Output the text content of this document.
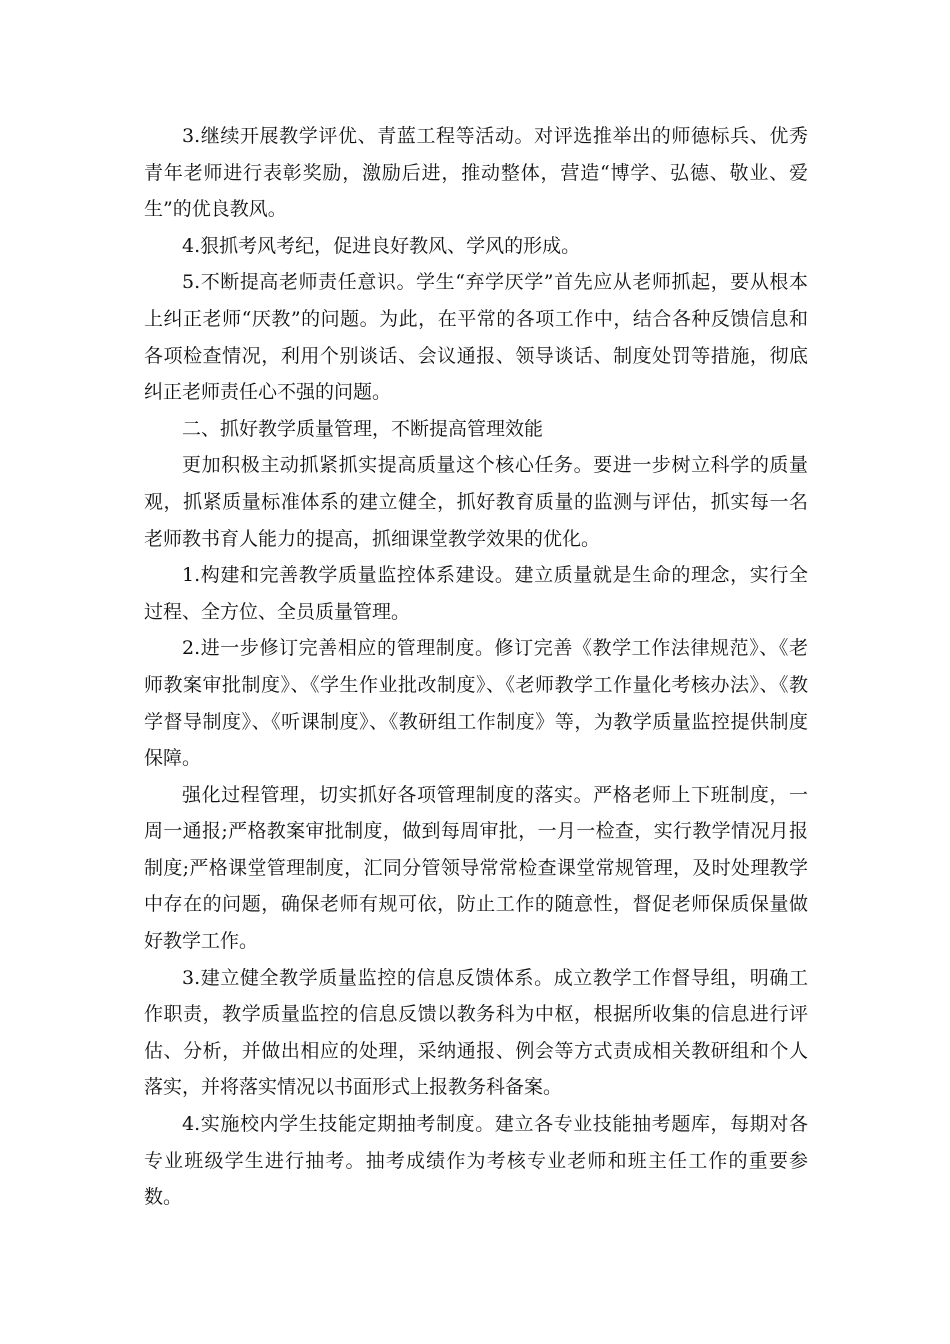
3.继续开展教学评优、青蓝工程等活动。对评选推举出的师德标兵、优秀青年老师进行表彰奖励，激励后进，推动整体，营造“博学、弘德、敬业、爱生”的优良教风。

4.狠抓考风考纪，促进良好教风、学风的形成。

5.不断提高老师责任意识。学生“弃学厌学”首先应从老师抓起，要从根本上纠正老师“厌教”的问题。为此，在平常的各项工作中，结合各种反馈信息和各项检查情况，利用个别谈话、会议通报、领导谈话、制度处罚等措施，彻底纠正老师责任心不强的问题。

二、抓好教学质量管理，不断提高管理效能

更加积极主动抓紧抓实提高质量这个核心任务。要进一步树立科学的质量观，抓紧质量标准体系的建立健全，抓好教育质量的监测与评估，抓实每一名老师教书育人能力的提高，抓细课堂教学效果的优化。

1.构建和完善教学质量监控体系建设。建立质量就是生命的理念，实行全过程、全方位、全员质量管理。

2.进一步修订完善相应的管理制度。修订完善《教学工作法律规范》、《老师教案审批制度》、《学生作业批改制度》、《老师教学工作量化考核办法》、《教学督导制度》、《听课制度》、《教研组工作制度》等，为教学质量监控提供制度保障。

强化过程管理，切实抓好各项管理制度的落实。严格老师上下班制度，一周一通报;严格教案审批制度，做到每周审批，一月一检查，实行教学情况月报制度;严格课堂管理制度，汇同分管领导常常检查课堂常规管理，及时处理教学中存在的问题，确保老师有规可依，防止工作的随意性，督促老师保质保量做好教学工作。

3.建立健全教学质量监控的信息反馈体系。成立教学工作督导组，明确工作职责，教学质量监控的信息反馈以教务科为中枢，根据所收集的信息进行评估、分析，并做出相应的处理，采纳通报、例会等方式责成相关教研组和个人落实，并将落实情况以书面形式上报教务科备案。

4.实施校内学生技能定期抽考制度。建立各专业技能抽考题库，每期对各专业班级学生进行抽考。抽考成绩作为考核专业老师和班主任工作的重要参数。
